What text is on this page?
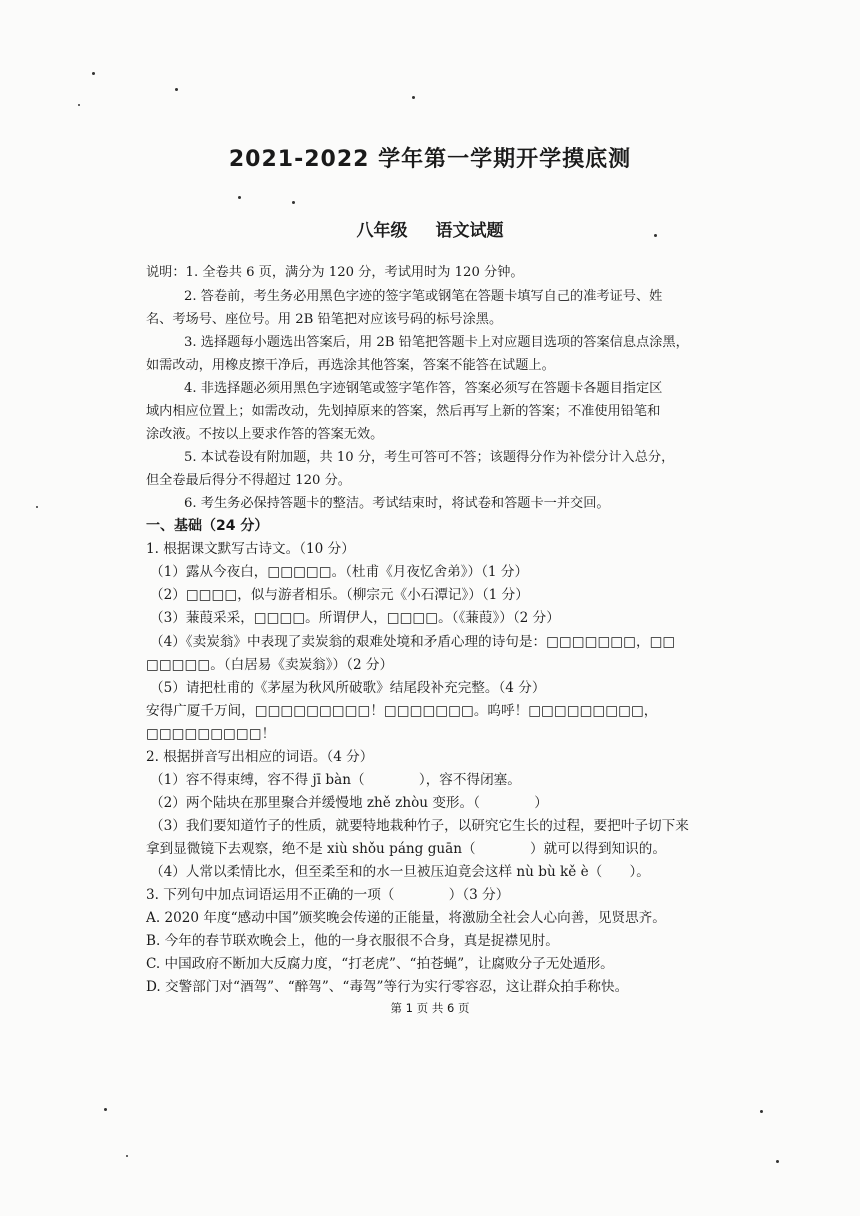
2021-2022 学年第一学期开学摸底测
八年级 语文试题
说明：1. 全卷共 6 页，满分为 120 分，考试用时为 120 分钟。
2. 答卷前，考生务必用黑色字迹的签字笔或钢笔在答题卡填写自己的准考证号、姓
名、考场号、座位号。用 2B 铅笔把对应该号码的标号涂黑。
3. 选择题每小题选出答案后，用 2B 铅笔把答题卡上对应题目选项的答案信息点涂黑，
如需改动，用橡皮擦干净后，再选涂其他答案，答案不能答在试题上。
4. 非选择题必须用黑色字迹钢笔或签字笔作答，答案必须写在答题卡各题目指定区
域内相应位置上；如需改动，先划掉原来的答案，然后再写上新的答案；不准使用铅笔和
涂改液。不按以上要求作答的答案无效。
5. 本试卷设有附加题，共 10 分，考生可答可不答；该题得分作为补偿分计入总分，
但全卷最后得分不得超过 120 分。
6. 考生务必保持答题卡的整洁。考试结束时，将试卷和答题卡一并交回。
一、基础（24 分）
1. 根据课文默写古诗文。（10 分）
（1）露从今夜白，□□□□□。（杜甫《月夜忆舍弟》）（1 分）
（2）□□□□，似与游者相乐。（柳宗元《小石潭记》）（1 分）
（3）蒹葭采采，□□□□。所谓伊人，□□□□。（《蒹葭》）（2 分）
（4）《卖炭翁》中表现了卖炭翁的艰难处境和矛盾心理的诗句是：□□□□□□□，□□
□□□□□。（白居易《卖炭翁》）（2 分）
（5）请把杜甫的《茅屋为秋风所破歌》结尾段补充完整。（4 分）
安得广厦千万间，□□□□□□□□□！□□□□□□□。呜呼！□□□□□□□□□，
□□□□□□□□□！
2. 根据拼音写出相应的词语。（4 分）
（1）容不得束缚，容不得 jī bàn（　　　　），容不得闭塞。
（2）两个陆块在那里聚合并缓慢地 zhě zhòu 变形。（　　　　）
（3）我们要知道竹子的性质，就要特地栽种竹子，以研究它生长的过程，要把叶子切下来
拿到显微镜下去观察，绝不是 xiù shǒu páng guān（　　　　）就可以得到知识的。
（4）人常以柔情比水，但至柔至和的水一旦被压迫竟会这样 nù bù kě è（　　）。
3. 下列句中加点词语运用不正确的一项（　　　　）（3 分）
A. 2020 年度“感动中国”颁奖晚会传递的正能量，将激励全社会人心向善，见贤思齐。
B. 今年的春节联欢晚会上，他的一身衣服很不合身，真是捉襟见肘。
C. 中国政府不断加大反腐力度，“打老虎”、“拍苍蝇”，让腐败分子无处遁形。
D. 交警部门对“酒驾”、“醉驾”、“毒驾”等行为实行零容忍，这让群众拍手称快。
第 1 页 共 6 页
